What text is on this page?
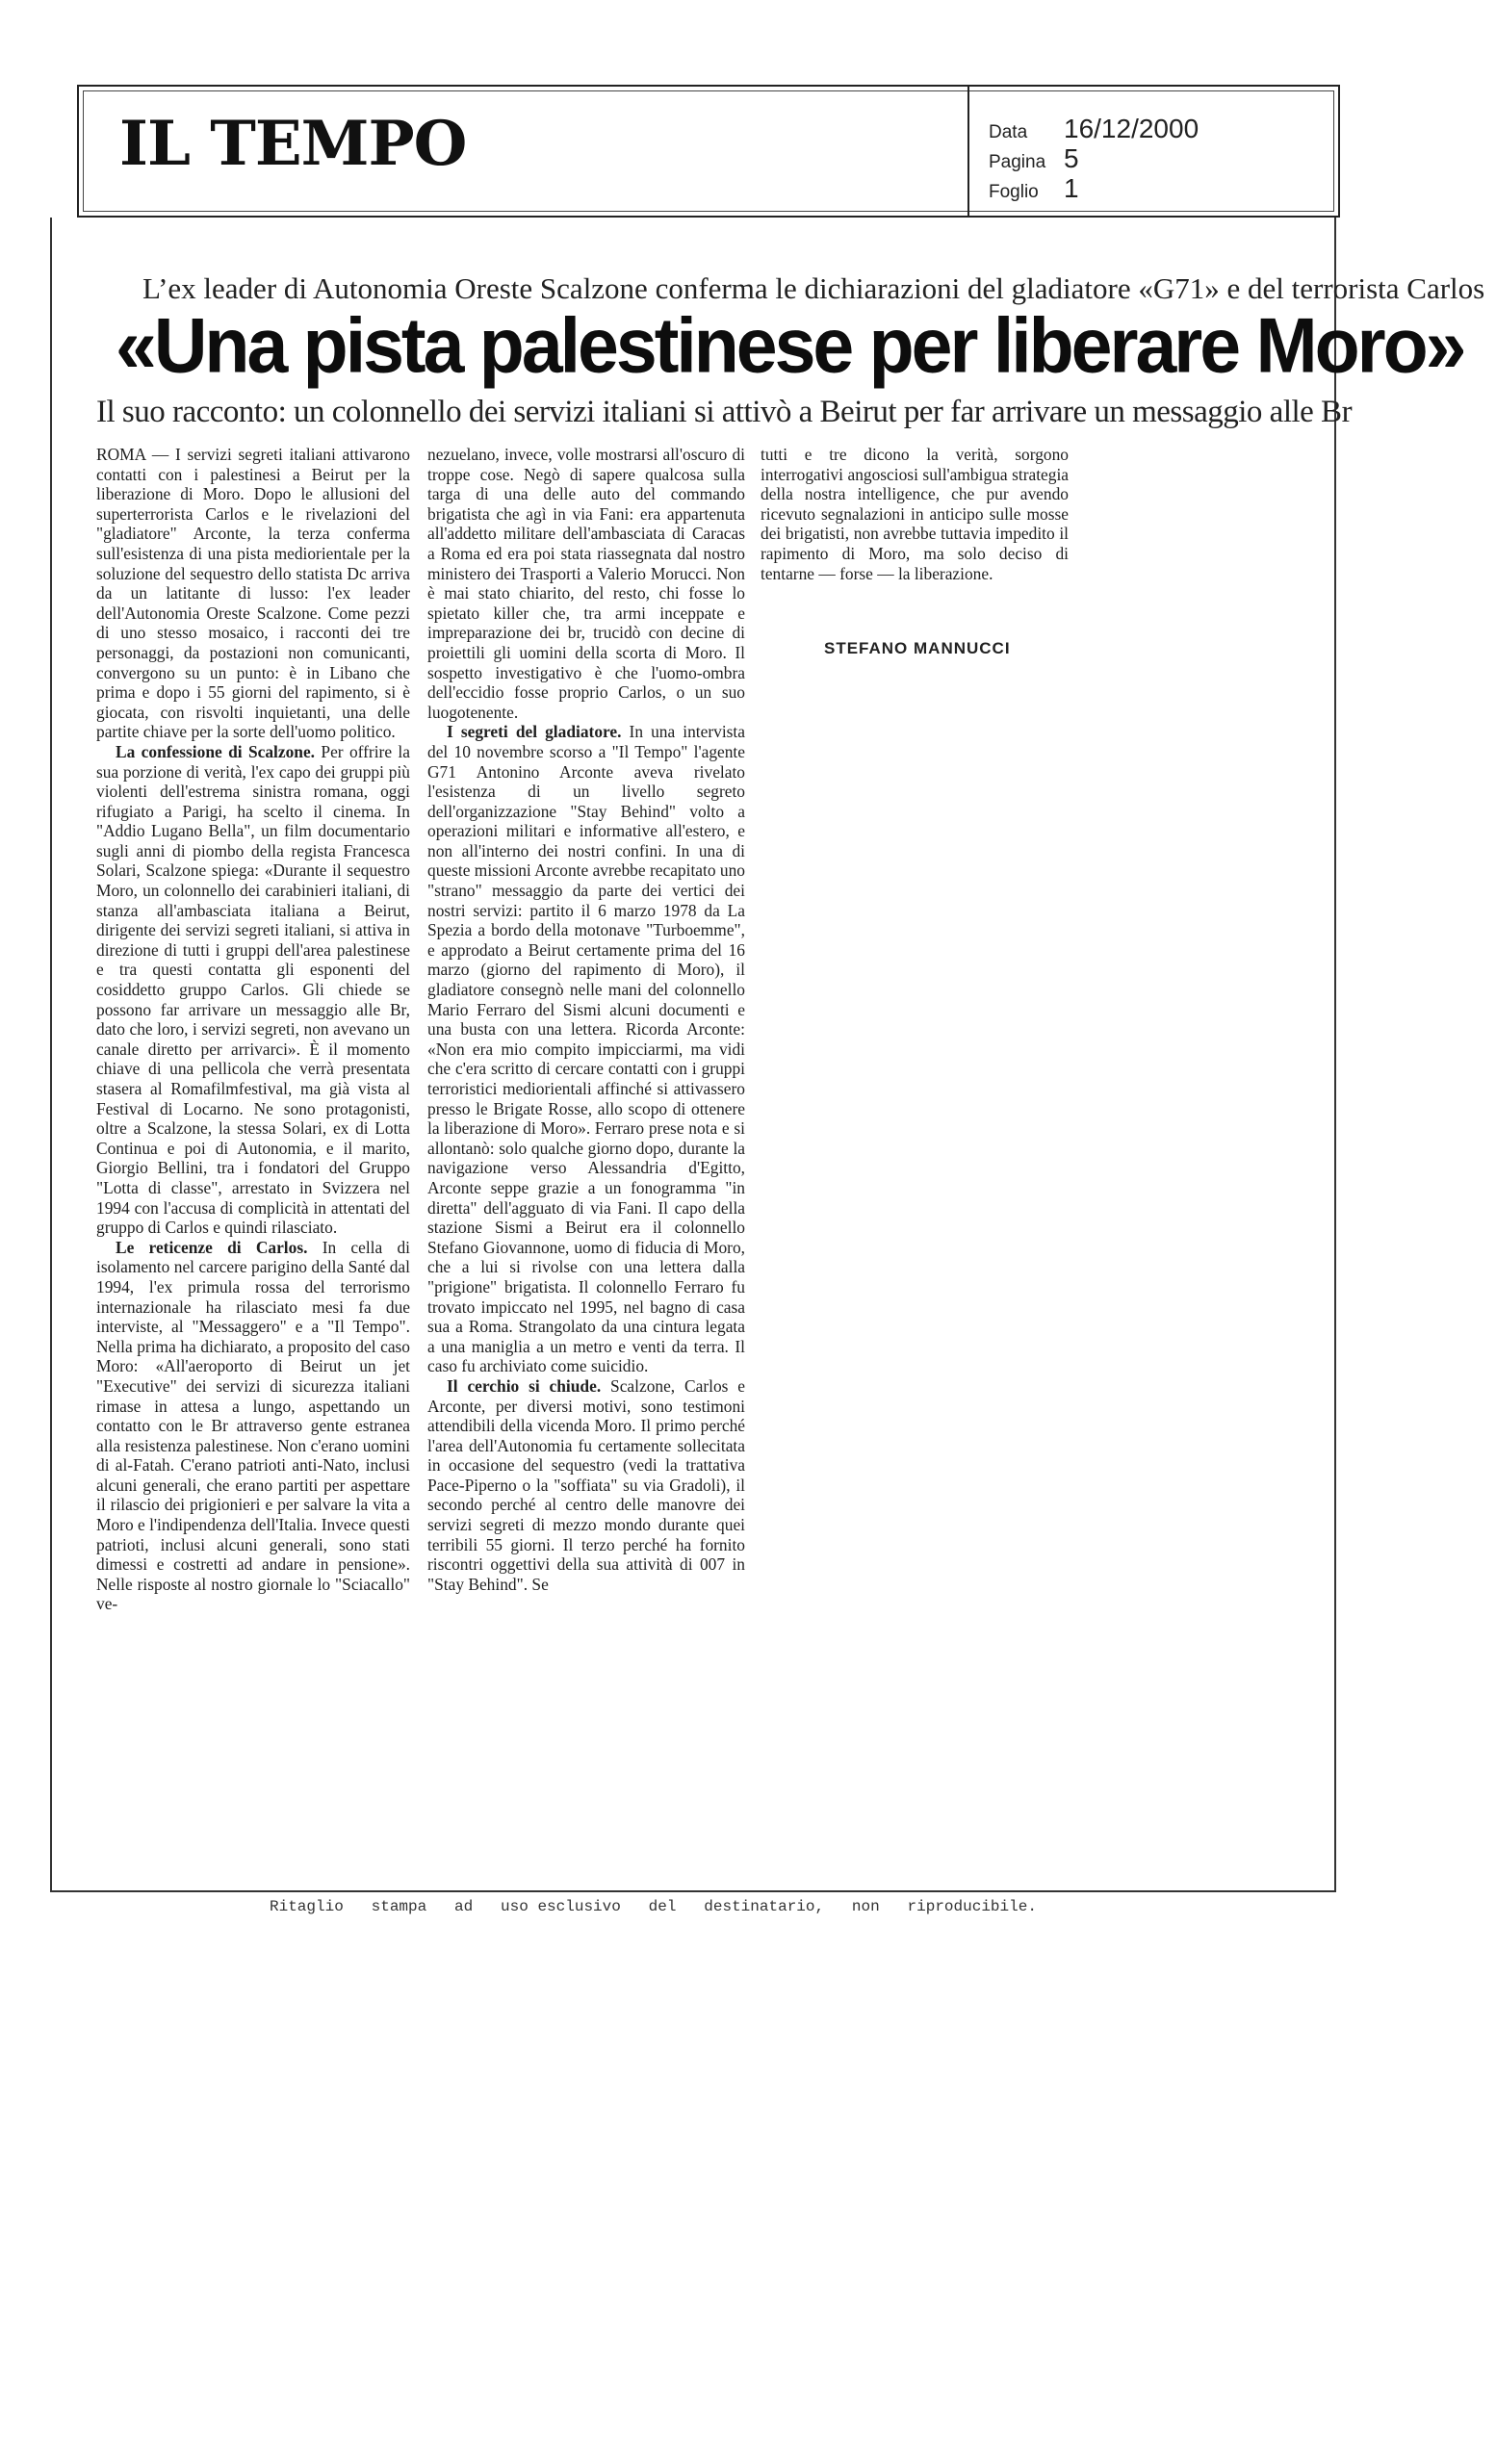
IL TEMPO	Data	16/12/2000
Pagina 5
Foglio 1
L’ex leader di Autonomia Oreste Scalzone conferma le dichiarazioni del gladiatore «G71» e del terrorista Carlos
«Una pista palestinese per liberare Moro»
Il suo racconto: un colonnello dei servizi italiani si attivò a Beirut per far arrivare un messaggio alle Br

ROMA — I servizi segreti italiani attivarono contatti con i palestinesi a Beirut per la liberazione di Moro. Dopo le allusioni del superterrorista Carlos e le rivelazioni del "gladiatore" Arconte, la terza conferma sull'esistenza di una pista mediorientale per la soluzione del sequestro dello statista Dc arriva da un latitante di lusso: l'ex leader dell'Autonomia Oreste Scalzone. Come pezzi di uno stesso mosaico, i racconti dei tre personaggi, da postazioni non comunicanti, convergono su un punto: è in Libano che prima e dopo i 55 giorni del rapimento, si è giocata, con risvolti inquietanti, una delle partite chiave per la sorte dell'uomo politico.

La confessione di Scalzone. Per offrire la sua porzione di verità, l'ex capo dei gruppi più violenti dell'estrema sinistra romana, oggi rifugiato a Parigi, ha scelto il cinema. In "Addio Lugano Bella", un film documentario sugli anni di piombo della regista Francesca Solari, Scalzone spiega: «Durante il sequestro Moro, un colonnello dei carabinieri italiani, di stanza all'ambasciata italiana a Beirut, dirigente dei servizi segreti italiani, si attiva in direzione di tutti i gruppi dell'area palestinese e tra questi contatta gli esponenti del cosiddetto gruppo Carlos. Gli chiede se possono far arrivare un messaggio alle Br, dato che loro, i servizi segreti, non avevano un canale diretto per arrivarci». È il momento chiave di una pellicola che verrà presentata stasera al Romafilmfestival, ma già vista al Festival di Locarno. Ne sono protagonisti, oltre a Scalzone, la stessa Solari, ex di Lotta Continua e poi di Autonomia, e il marito, Giorgio Bellini, tra i fondatori del Gruppo "Lotta di classe", arrestato in Svizzera nel 1994 con l'accusa di complicità in attentati del gruppo di Carlos e quindi rilasciato.

Le reticenze di Carlos. In cella di isolamento nel carcere parigino della Santé dal 1994, l'ex primula rossa del terrorismo internazionale ha rilasciato mesi fa due interviste, al "Messaggero" e a "Il Tempo". Nella prima ha dichiarato, a proposito del caso Moro: «All'aeroporto di Beirut un jet "Executive" dei servizi di sicurezza italiani rimase in attesa a lungo, aspettando un contatto con le Br attraverso gente estranea alla resistenza palestinese. Non c'erano uomini di al-Fatah. C'erano patrioti anti-Nato, inclusi alcuni generali, che erano partiti per aspettare il rilascio dei prigionieri e per salvare la vita a Moro e l'indipendenza dell'Italia. Invece questi patrioti, inclusi alcuni generali, sono stati dimessi e costretti ad andare in pensione». Nelle risposte al nostro giornale lo "Sciacallo" ve-

nezuelano, invece, volle mostrarsi all'oscuro di troppe cose. Negò di sapere qualcosa sulla targa di una delle auto del commando brigatista che agì in via Fani: era appartenuta all'addetto militare dell'ambasciata di Caracas a Roma ed era poi stata riassegnata dal nostro ministero dei Trasporti a Valerio Morucci. Non è mai stato chiarito, del resto, chi fosse lo spietato killer che, tra armi inceppate e impreparazione dei br, trucidò con decine di proiettili gli uomini della scorta di Moro. Il sospetto investigativo è che l'uomo-ombra dell'eccidio fosse proprio Carlos, o un suo luogotenente.

I segreti del gladiatore. In una intervista del 10 novembre scorso a "Il Tempo" l'agente G71 Antonino Arconte aveva rivelato l'esistenza di un livello segreto dell'organizzazione "Stay Behind" volto a operazioni militari e informative all'estero, e non all'interno dei nostri confini. In una di queste missioni Arconte avrebbe recapitato uno "strano" messaggio da parte dei vertici dei nostri servizi: partito il 6 marzo 1978 da La Spezia a bordo della motonave "Turboemme", e approdato a Beirut certamente prima del 16 marzo (giorno del rapimento di Moro), il gladiatore consegnò nelle mani del colonnello Mario Ferraro del Sismi alcuni documenti e una busta con una lettera. Ricorda Arconte: «Non era mio compito impicciarmi, ma vidi che c'era scritto di cercare contatti con i gruppi terroristici mediorientali affinché si attivassero presso le Brigate Rosse, allo scopo di ottenere la liberazione di Moro». Ferraro prese nota e si allontanò: solo qualche giorno dopo, durante la navigazione verso Alessandria d'Egitto, Arconte seppe grazie a un fonogramma "in diretta" dell'agguato di via Fani. Il capo della stazione Sismi a Beirut era il colonnello Stefano Giovannone, uomo di fiducia di Moro, che a lui si rivolse con una lettera dalla "prigione" brigatista. Il colonnello Ferraro fu trovato impiccato nel 1995, nel bagno di casa sua a Roma. Strangolato da una cintura legata a una maniglia a un metro e venti da terra. Il caso fu archiviato come suicidio.

Il cerchio si chiude. Scalzone, Carlos e Arconte, per diversi motivi, sono testimoni attendibili della vicenda Moro. Il primo perché l'area dell'Autonomia fu certamente sollecitata in occasione del sequestro (vedi la trattativa Pace-Piperno o la "soffiata" su via Gradoli), il secondo perché al centro delle manovre dei servizi segreti di mezzo mondo durante quei terribili 55 giorni. Il terzo perché ha fornito riscontri oggettivi della sua attività di 007 in "Stay Behind". Se

tutti e tre dicono la verità, sorgono interrogativi angosciosi sull'ambigua strategia della nostra intelligence, che pur avendo ricevuto segnalazioni in anticipo sulle mosse dei brigatisti, non avrebbe tuttavia impedito il rapimento di Moro, ma solo deciso di tentarne — forse — la liberazione.

STEFANO MANNUCCI
Ritaglio   stampa   ad   uso esclusivo   del   destinatario,   non   riproducibile.
